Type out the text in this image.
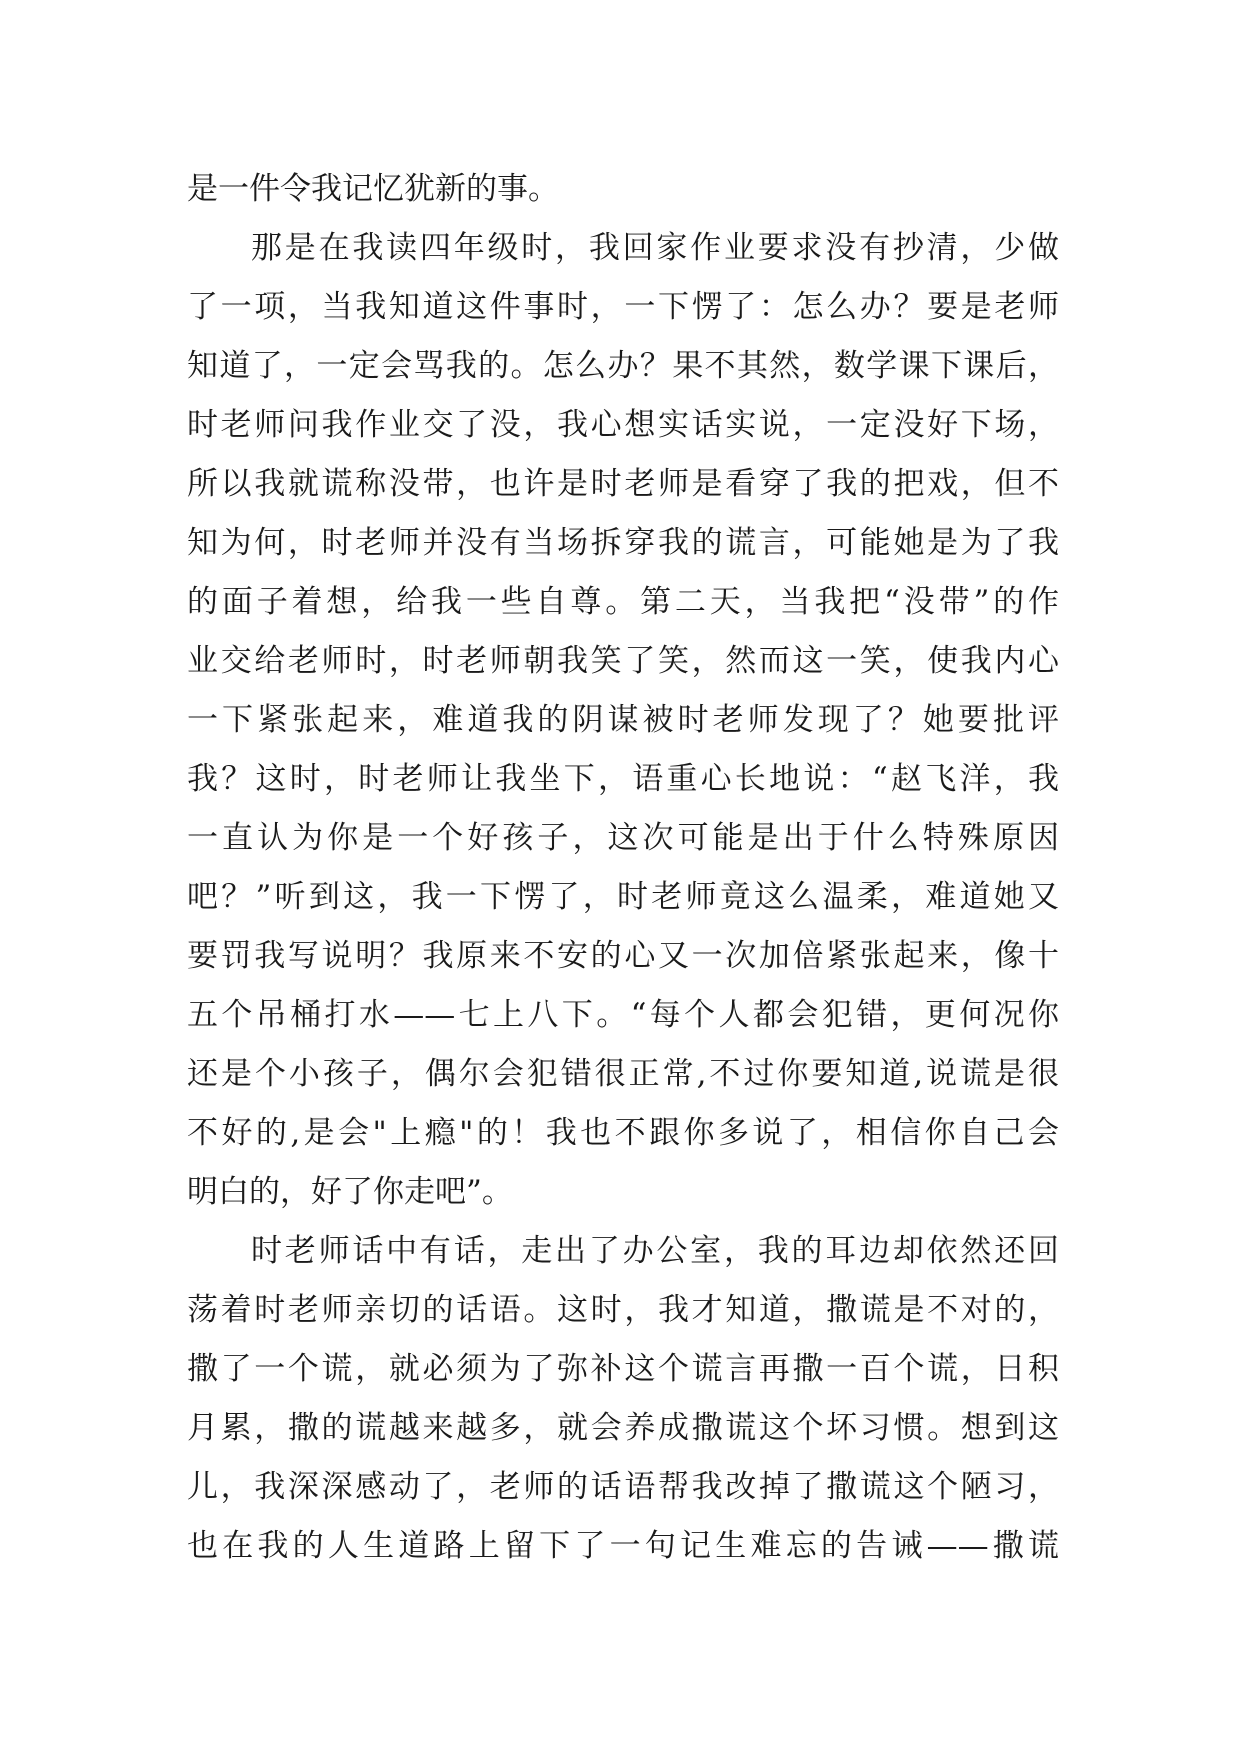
是一件令我记忆犹新的事。
那是在我读四年级时，我回家作业要求没有抄清，少做
了一项，当我知道这件事时，一下愣了：怎么办？要是老师
知道了，一定会骂我的。怎么办？果不其然，数学课下课后，
时老师问我作业交了没，我心想实话实说，一定没好下场，
所以我就谎称没带，也许是时老师是看穿了我的把戏，但不
知为何，时老师并没有当场拆穿我的谎言，可能她是为了我
的面子着想，给我一些自尊。第二天，当我把“没带”的作
业交给老师时，时老师朝我笑了笑，然而这一笑，使我内心
一下紧张起来，难道我的阴谋被时老师发现了？她要批评
我？这时，时老师让我坐下，语重心长地说：“赵飞洋，我
一直认为你是一个好孩子，这次可能是出于什么特殊原因
吧？”听到这，我一下愣了，时老师竟这么温柔，难道她又
要罚我写说明？我原来不安的心又一次加倍紧张起来，像十
五个吊桶打水——七上八下。“每个人都会犯错，更何况你
还是个小孩子，偶尔会犯错很正常,不过你要知道,说谎是很
不好的,是会"上瘾"的！我也不跟你多说了，相信你自己会
明白的，好了你走吧”。
时老师话中有话，走出了办公室，我的耳边却依然还回
荡着时老师亲切的话语。这时，我才知道，撒谎是不对的，
撒了一个谎，就必须为了弥补这个谎言再撒一百个谎，日积
月累，撒的谎越来越多，就会养成撒谎这个坏习惯。想到这
儿，我深深感动了，老师的话语帮我改掉了撒谎这个陋习，
也在我的人生道路上留下了一句记生难忘的告诫——撒谎
